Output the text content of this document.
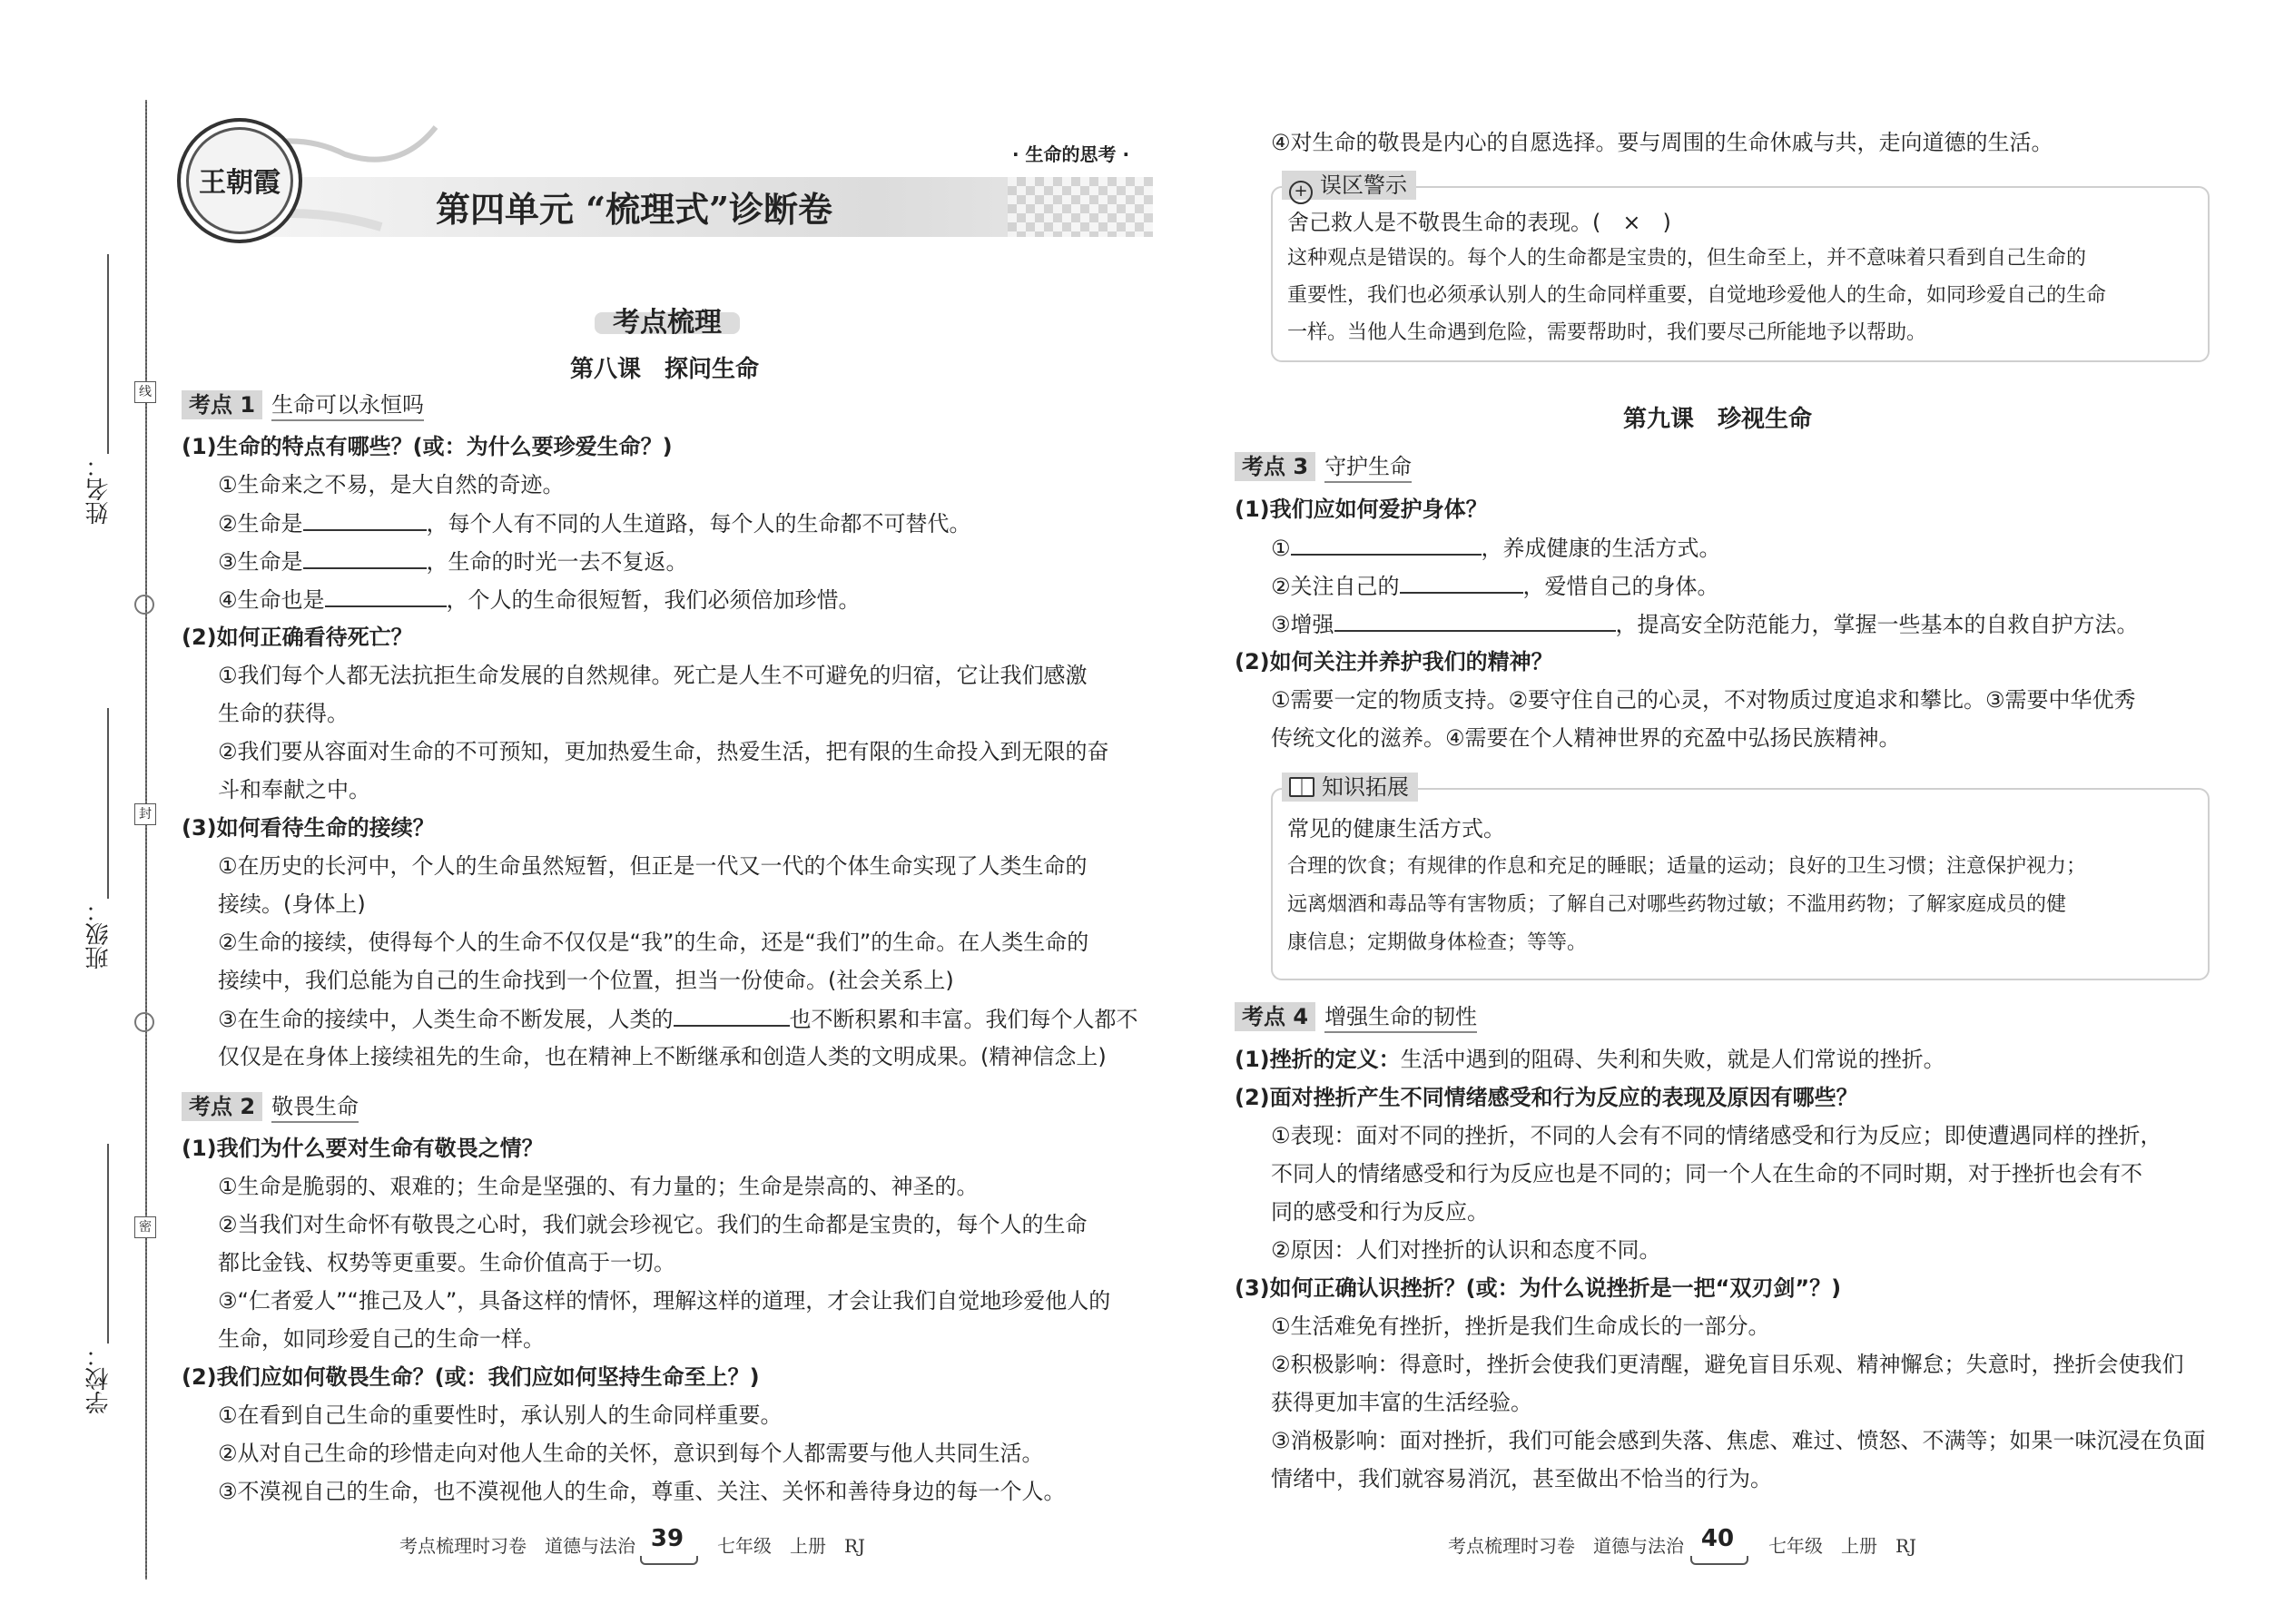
姓名：
班级：
学校：
线
封
密
王朝霞
· 生命的思考 ·
第四单元 “梳理式”诊断卷
考点梳理
第八课　探问生命
考点 1 生命可以永恒吗
(1)生命的特点有哪些？(或：为什么要珍爱生命？)
①生命来之不易，是大自然的奇迹。
②生命是	，每个人有不同的人生道路，每个人的生命都不可替代。
③生命是	，生命的时光一去不复返。
④生命也是	，个人的生命很短暂，我们必须倍加珍惜。
(2)如何正确看待死亡？
①我们每个人都无法抗拒生命发展的自然规律。死亡是人生不可避免的归宿，它让我们感激
生命的获得。
②我们要从容面对生命的不可预知，更加热爱生命，热爱生活，把有限的生命投入到无限的奋
斗和奉献之中。
(3)如何看待生命的接续？
①在历史的长河中，个人的生命虽然短暂，但正是一代又一代的个体生命实现了人类生命的
接续。(身体上)
②生命的接续，使得每个人的生命不仅仅是“我”的生命，还是“我们”的生命。在人类生命的
接续中，我们总能为自己的生命找到一个位置，担当一份使命。(社会关系上)
③在生命的接续中，人类生命不断发展，人类的	也不断积累和丰富。我们每个人都不
仅仅是在身体上接续祖先的生命，也在精神上不断继承和创造人类的文明成果。(精神信念上)
考点 2 敬畏生命
(1)我们为什么要对生命有敬畏之情？
①生命是脆弱的、艰难的；生命是坚强的、有力量的；生命是崇高的、神圣的。
②当我们对生命怀有敬畏之心时，我们就会珍视它。我们的生命都是宝贵的，每个人的生命
都比金钱、权势等更重要。生命价值高于一切。
③“仁者爱人”“推己及人”，具备这样的情怀，理解这样的道理，才会让我们自觉地珍爱他人的
生命，如同珍爱自己的生命一样。
(2)我们应如何敬畏生命？(或：我们应如何坚持生命至上？)
①在看到自己生命的重要性时，承认别人的生命同样重要。
②从对自己生命的珍惜走向对他人生命的关怀，意识到每个人都需要与他人共同生活。
③不漠视自己的生命，也不漠视他人的生命，尊重、关注、关怀和善待身边的每一个人。
考点梳理时习卷　道德与法治 39	七年级　上册　RJ
④对生命的敬畏是内心的自愿选择。要与周围的生命休戚与共，走向道德的生活。
+ 误区警示
舍己救人是不敬畏生命的表现。(　×　)
这种观点是错误的。每个人的生命都是宝贵的，但生命至上，并不意味着只看到自己生命的
重要性，我们也必须承认别人的生命同样重要，自觉地珍爱他人的生命，如同珍爱自己的生命
一样。当他人生命遇到危险，需要帮助时，我们要尽己所能地予以帮助。
第九课　珍视生命
考点 3 守护生命
(1)我们应如何爱护身体？
①	，养成健康的生活方式。
②关注自己的	，爱惜自己的身体。
③增强	，提高安全防范能力，掌握一些基本的自救自护方法。
(2)如何关注并养护我们的精神？
①需要一定的物质支持。②要守住自己的心灵，不对物质过度追求和攀比。③需要中华优秀
传统文化的滋养。④需要在个人精神世界的充盈中弘扬民族精神。
知识拓展
常见的健康生活方式。
合理的饮食；有规律的作息和充足的睡眠；适量的运动；良好的卫生习惯；注意保护视力；
远离烟酒和毒品等有害物质；了解自己对哪些药物过敏；不滥用药物；了解家庭成员的健
康信息；定期做身体检查；等等。
考点 4 增强生命的韧性
(1)挫折的定义：生活中遇到的阻碍、失利和失败，就是人们常说的挫折。
(2)面对挫折产生不同情绪感受和行为反应的表现及原因有哪些？
①表现：面对不同的挫折，不同的人会有不同的情绪感受和行为反应；即使遭遇同样的挫折，
不同人的情绪感受和行为反应也是不同的；同一个人在生命的不同时期，对于挫折也会有不
同的感受和行为反应。
②原因：人们对挫折的认识和态度不同。
(3)如何正确认识挫折？(或：为什么说挫折是一把“双刃剑”？)
①生活难免有挫折，挫折是我们生命成长的一部分。
②积极影响：得意时，挫折会使我们更清醒，避免盲目乐观、精神懈怠；失意时，挫折会使我们
获得更加丰富的生活经验。
③消极影响：面对挫折，我们可能会感到失落、焦虑、难过、愤怒、不满等；如果一味沉浸在负面
情绪中，我们就容易消沉，甚至做出不恰当的行为。
考点梳理时习卷　道德与法治 40	七年级　上册　RJ
